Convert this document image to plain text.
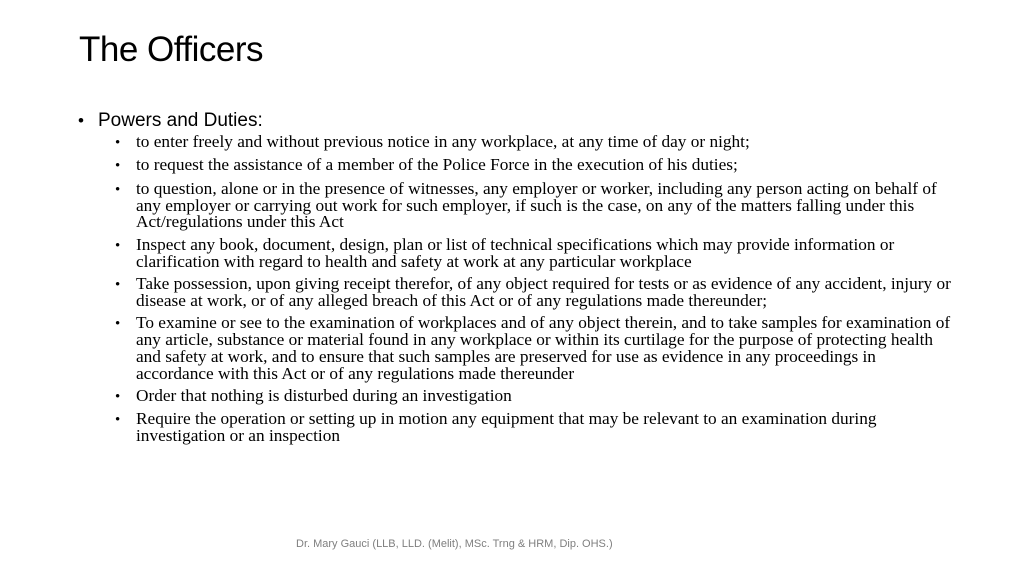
The Officers
• Powers and Duties:
• to enter freely and without previous notice in any workplace, at any time of day or night;
• to request the assistance of a member of the Police Force in the execution of his duties;
• to question, alone or in the presence of witnesses, any employer or worker, including any person acting on behalf of any employer or carrying out work for such employer, if such is the case, on any of the matters falling under this Act/regulations under this Act
• Inspect any book, document, design, plan or list of technical specifications which may provide information or clarification with regard to health and safety at work at any particular workplace
• Take possession, upon giving receipt therefor, of any object required for tests or as evidence of any accident, injury or disease at work, or of any alleged breach of this Act or of any regulations made thereunder;
• To examine or see to the examination of workplaces and of any object therein, and to take samples for examination of any article, substance or material found in any workplace or within its curtilage for the purpose of protecting health and safety at work, and to ensure that such samples are preserved for use as evidence in any proceedings in accordance with this Act or of any regulations made thereunder
• Order that nothing is disturbed during an investigation
• Require the operation or setting up in motion any equipment that may be relevant to an examination during investigation or an inspection
Dr. Mary Gauci (LLB, LLD. (Melit), MSc. Trng & HRM, Dip. OHS.)
